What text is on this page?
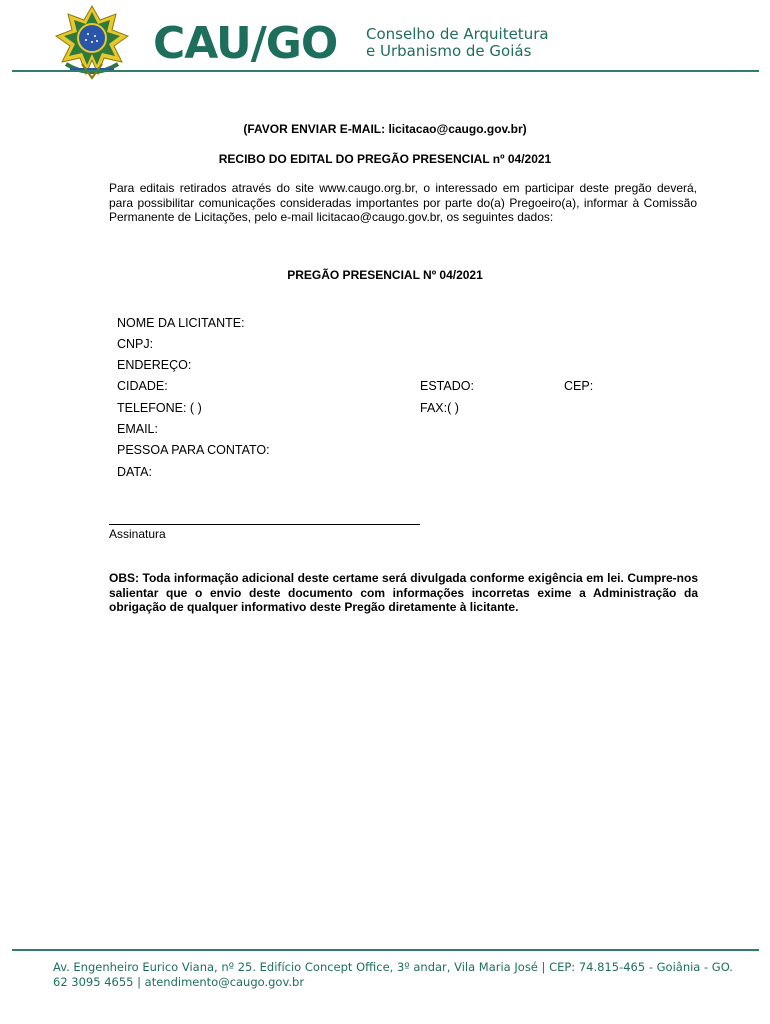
CAU/GO Conselho de Arquitetura
e Urbanismo de Goiás
(FAVOR ENVIAR E-MAIL: licitacao@caugo.gov.br)
RECIBO DO EDITAL DO PREGÃO PRESENCIAL nº 04/2021
Para editais retirados através do site www.caugo.org.br, o interessado em participar deste pregão deverá, para possibilitar comunicações consideradas importantes por parte do(a) Pregoeiro(a), informar à Comissão Permanente de Licitações, pelo e-mail licitacao@caugo.gov.br, os seguintes dados:
PREGÃO PRESENCIAL Nº 04/2021
NOME DA LICITANTE:
CNPJ:
ENDEREÇO:
CIDADE:	ESTADO:	CEP:
TELEFONE: ( )	FAX:( )
EMAIL:
PESSOA PARA CONTATO:
DATA:
Assinatura
OBS: Toda informação adicional deste certame será divulgada conforme exigência em lei. Cumpre-nos salientar que o envio deste documento com informações incorretas exime a Administração da obrigação de qualquer informativo deste Pregão diretamente à licitante.
Av. Engenheiro Eurico Viana, nº 25. Edifício Concept Office, 3º andar, Vila Maria José | CEP: 74.815-465 - Goiânia - GO.
62 3095 4655 | atendimento@caugo.gov.br
